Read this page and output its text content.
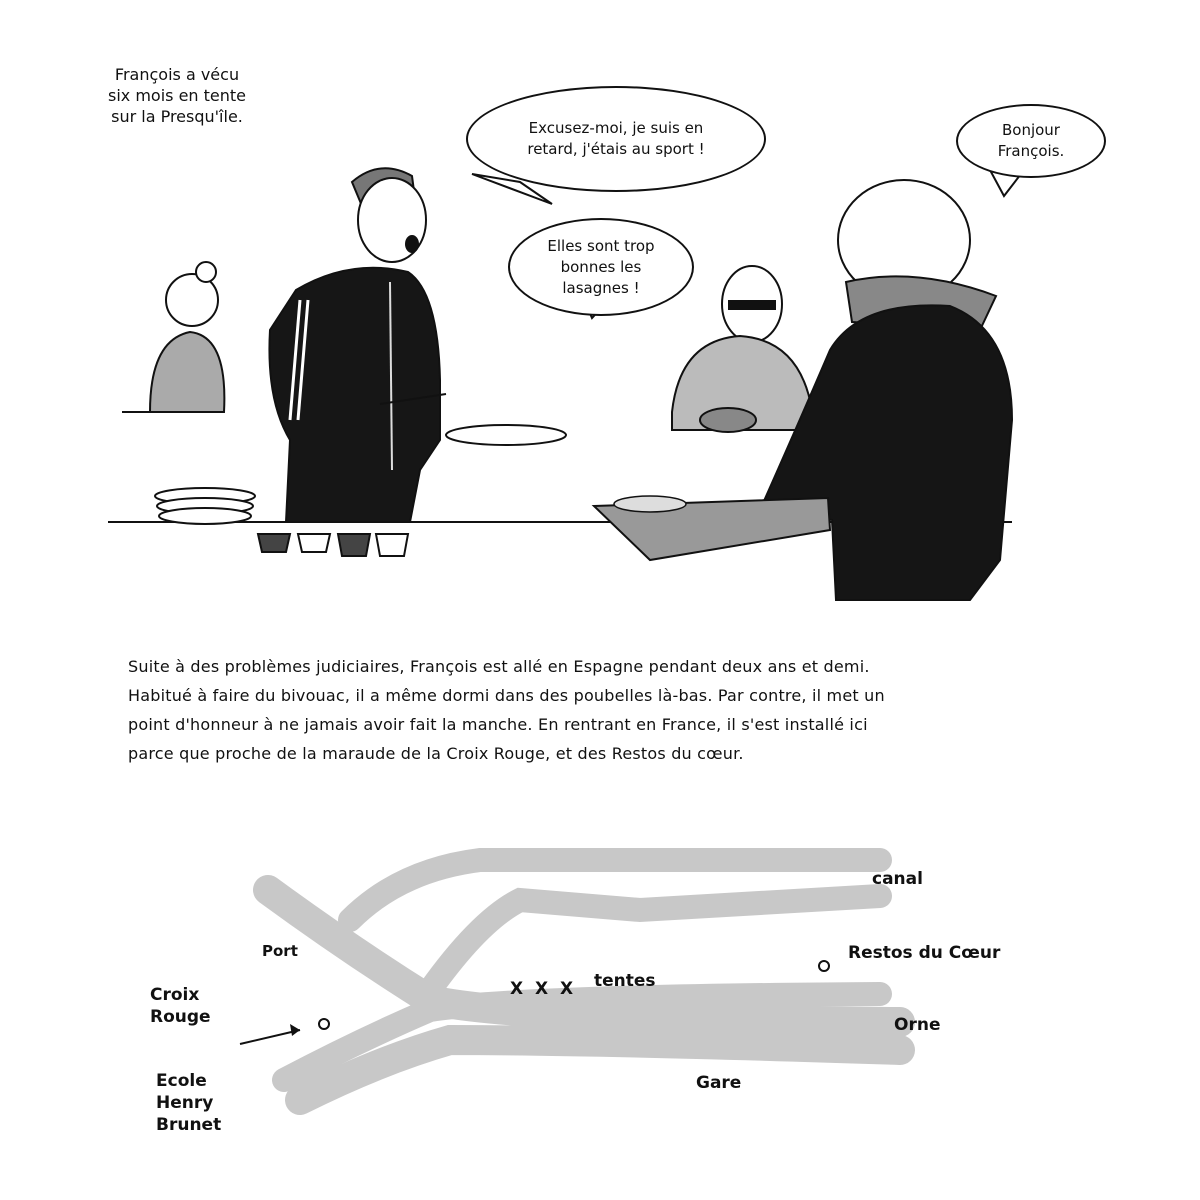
François a vécu
six mois en tente
sur la Presqu'île.
Excusez-moi, je suis en
retard, j'étais au sport !
Bonjour
François.
Elles sont trop
bonnes les
lasagnes !
Suite à des problèmes judiciaires, François est allé en Espagne pendant deux ans et demi.
Habitué à faire du bivouac, il a même dormi dans des poubelles là-bas. Par contre, il met un
point d'honneur à ne jamais avoir fait la manche. En rentrant en France, il s'est installé ici
parce que proche de la maraude de la Croix Rouge, et des Restos du cœur.
canal
Restos du Cœur
Port
X X X tentes
Croix
Rouge	Orne
Gare
Ecole
Henry
Brunet
